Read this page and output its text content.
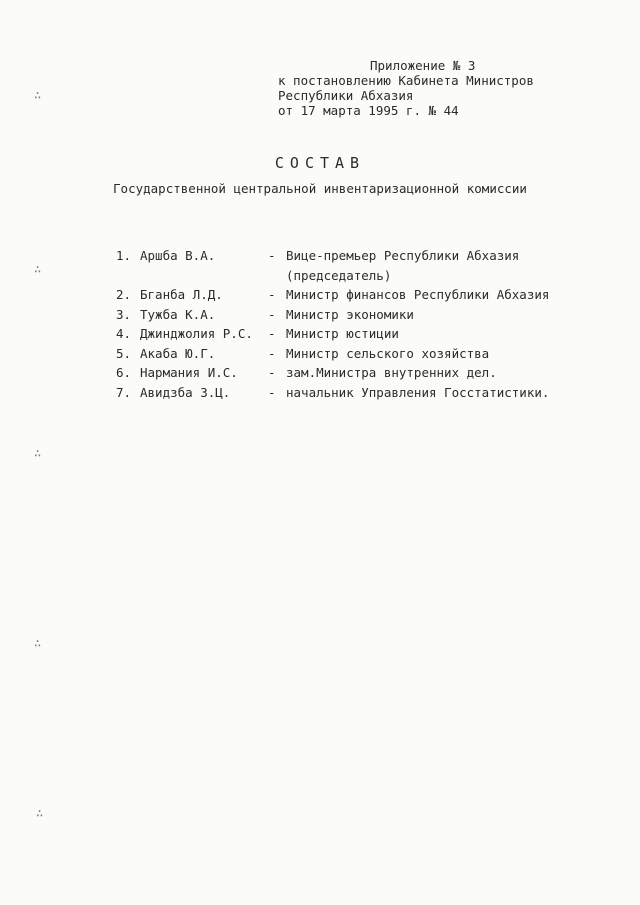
Приложение № 3
к постановлению Кабинета Министров
Республики Абхазия
от 17 марта 1995 г. № 44
СОСТАВ
Государственной центральной инвентаризационной комиссии
1. Аршба В.А.	- Вице-премьер Республики Абхазия (председатель)
2. Бганба Л.Д.	- Министр финансов Республики Абхазия
3. Тужба К.А.	- Министр экономики
4. Джинджолия Р.С.	- Министр юстиции
5. Акаба Ю.Г.	- Министр сельского хозяйства
6. Нармания И.С.	- зам.Министра внутренних дел.
7. Авидзба З.Ц.	- начальник Управления Госстатистики.
∴
∴
∴
∴
∴
